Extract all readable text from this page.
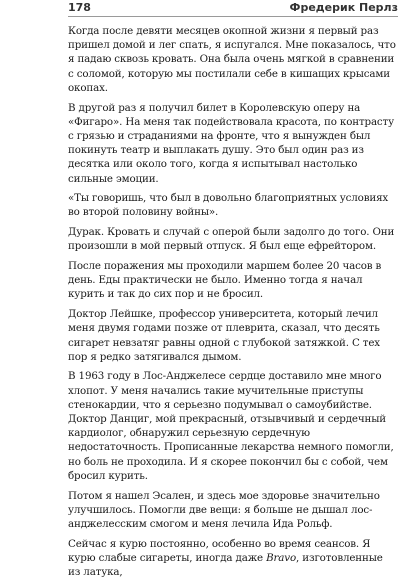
178	Фредерик Перлз

Когда после девяти месяцев окопной жизни я первый раз пришел домой и лег спать, я испугался. Мне показалось, что я падаю сквозь кровать. Она была очень мягкой в сравнении с соломой, которую мы постилали себе в кишащих крысами окопах.

В другой раз я получил билет в Королевскую оперу на «Фигаро». На меня так подействовала красота, по контрасту с грязью и страданиями на фронте, что я вынужден был покинуть театр и выплакать душу. Это был один раз из десятка или около того, когда я испытывал настолько сильные эмоции.

«Ты говоришь, что был в довольно благоприятных условиях во второй половину войны».

Дурак. Кровать и случай с оперой были задолго до того. Они произошли в мой первый отпуск. Я был еще ефрейтором.

После поражения мы проходили маршем более 20 часов в день. Еды практически не было. Именно тогда я начал курить и так до сих пор и не бросил.

Доктор Лейшке, профессор университета, который лечил меня двумя годами позже от плеврита, сказал, что десять сигарет невзатяг равны одной с глубокой затяжкой. С тех пор я редко затягивался дымом.

В 1963 году в Лос-Анджелесе сердце доставило мне много хлопот. У меня начались такие мучительные приступы стенокардии, что я серьезно подумывал о самоубийстве. Доктор Данциг, мой прекрасный, отзывчивый и сердечный кардиолог, обнаружил серьезную сердечную недостаточность. Прописанные лекарства немного помогли, но боль не проходила. И я скорее покончил бы с собой, чем бросил курить.

Потом я нашел Эсален, и здесь мое здоровье значительно улучшилось. Помогли две вещи: я больше не дышал лос-анджелесским смогом и меня лечила Ида Рольф.

Сейчас я курю постоянно, особенно во время сеансов. Я курю слабые сигареты, иногда даже Bravo, изготовленные из латука,
